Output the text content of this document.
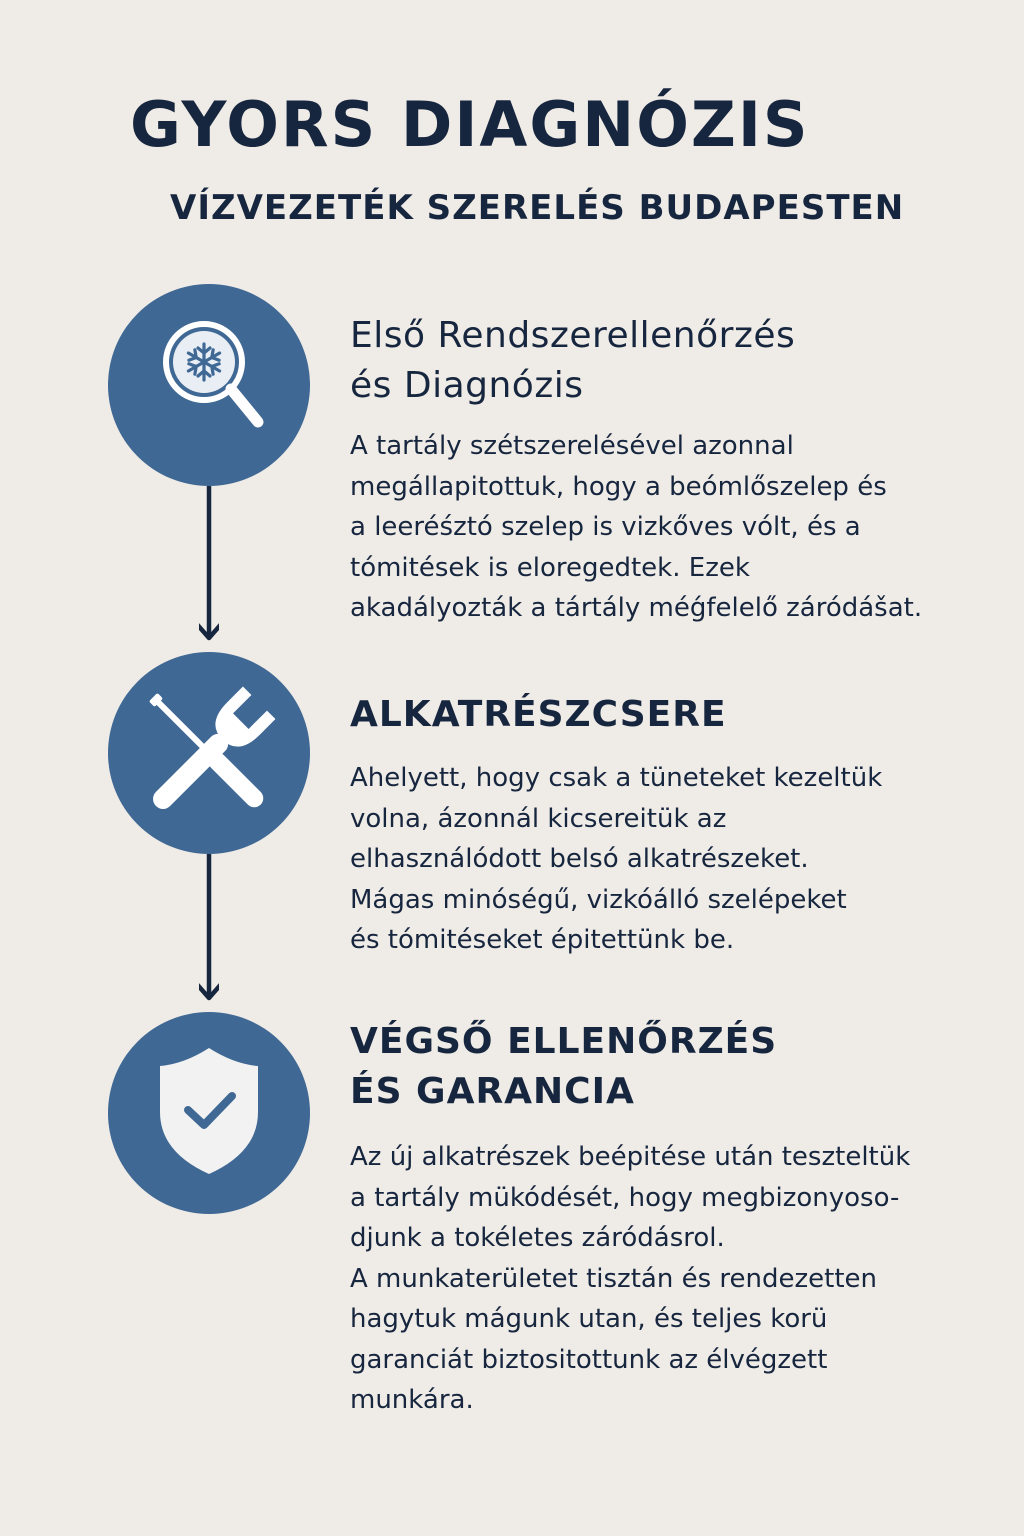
GYORS DIAGNÓZIS
VÍZVEZETÉK SZERELÉS BUDAPESTEN
Első Rendszerellenőrzés
és Diagnózis
A tartály szétszerelésével azonnal
megállapitottuk, hogy a beómlőszelep és
a leeréśztó szelep is vizkőves vólt, és a
tómitések is eloregedtek. Ezek
akadályozták a tártály méǵfelelő záródášat.
ALKATRÉSZCSERE
Ahelyett, hogy csak a tüneteket kezeltük
volna, ázonnál kicsereitük az
elhasználódott belsó alkatrészeket.
Mágas minóségű, vizkóálló szelépeket
és tómitéseket épitettünk be.
VÉGSŐ ELLENŐRZÉS
ÉS GARANCIA
Az új alkatrészek beépitése után teszteltük
a tartály mükódését, hogy megbizonyoso-
djunk a tokéletes záródásrol.
A munkaterületet tisztán és rendezetten
hagytuk mágunk utan, és teljes korü
garanciát biztositottunk az élvégzett
munkára.
